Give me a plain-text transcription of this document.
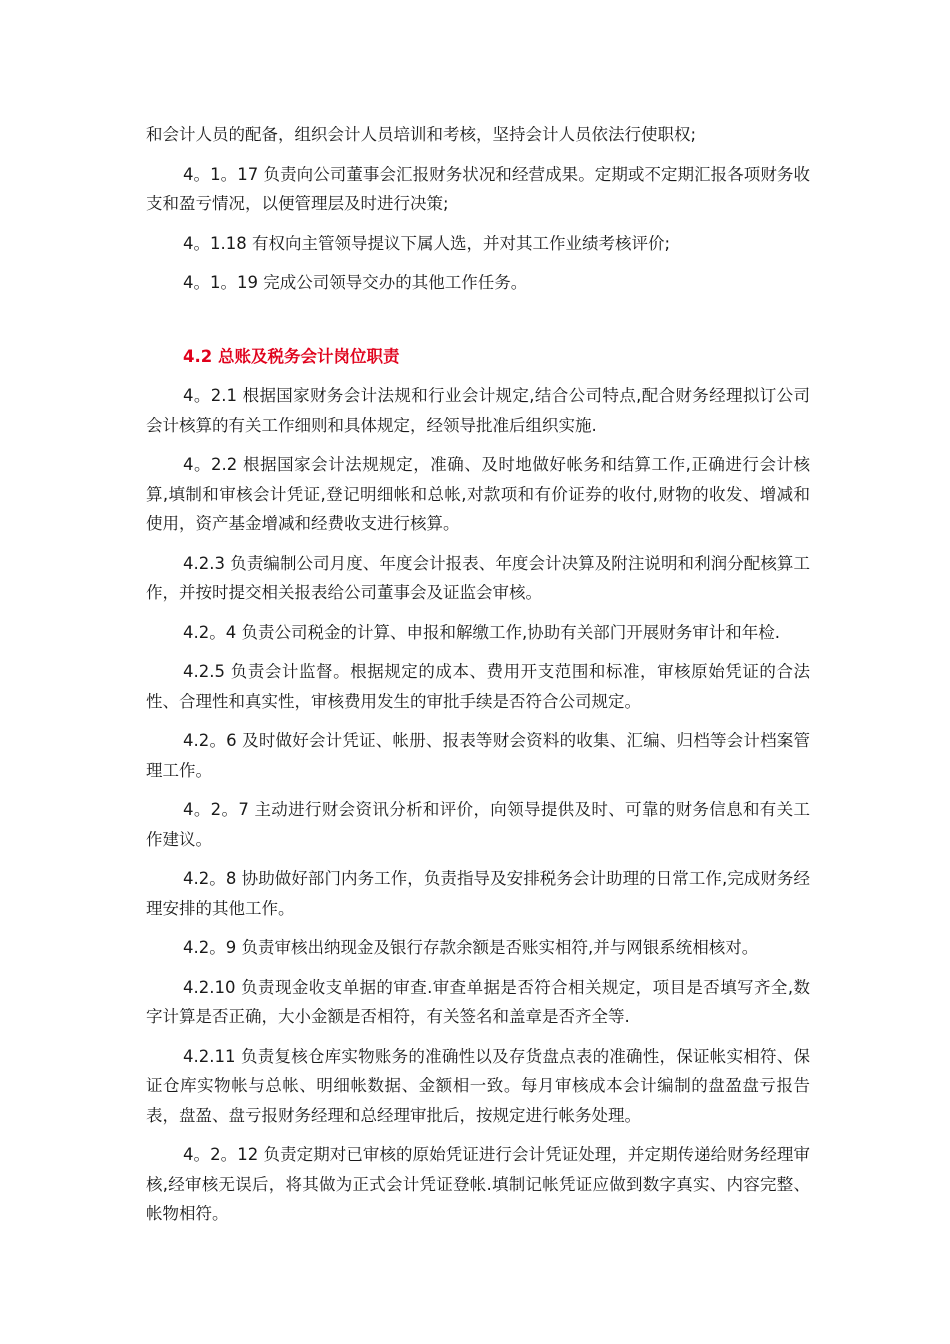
和会计人员的配备，组织会计人员培训和考核，坚持会计人员依法行使职权;

4。1。17 负责向公司董事会汇报财务状况和经营成果。定期或不定期汇报各项财务收支和盈亏情况，以便管理层及时进行决策;

4。1.18 有权向主管领导提议下属人选，并对其工作业绩考核评价;

4。1。19 完成公司领导交办的其他工作任务。

4.2 总账及税务会计岗位职责

4。2.1 根据国家财务会计法规和行业会计规定,结合公司特点,配合财务经理拟订公司会计核算的有关工作细则和具体规定，经领导批准后组织实施.

4。2.2 根据国家会计法规规定，准确、及时地做好帐务和结算工作,正确进行会计核算,填制和审核会计凭证,登记明细帐和总帐,对款项和有价证券的收付,财物的收发、增减和使用，资产基金增减和经费收支进行核算。

4.2.3 负责编制公司月度、年度会计报表、年度会计决算及附注说明和利润分配核算工作，并按时提交相关报表给公司董事会及证监会审核。

4.2。4 负责公司税金的计算、申报和解缴工作,协助有关部门开展财务审计和年检.

4.2.5 负责会计监督。根据规定的成本、费用开支范围和标准，审核原始凭证的合法性、合理性和真实性，审核费用发生的审批手续是否符合公司规定。

4.2。6 及时做好会计凭证、帐册、报表等财会资料的收集、汇编、归档等会计档案管理工作。

4。2。7 主动进行财会资讯分析和评价，向领导提供及时、可靠的财务信息和有关工作建议。

4.2。8 协助做好部门内务工作，负责指导及安排税务会计助理的日常工作,完成财务经理安排的其他工作。

4.2。9 负责审核出纳现金及银行存款余额是否账实相符,并与网银系统相核对。

4.2.10 负责现金收支单据的审查.审查单据是否符合相关规定，项目是否填写齐全,数字计算是否正确，大小金额是否相符，有关签名和盖章是否齐全等.

4.2.11 负责复核仓库实物账务的准确性以及存货盘点表的准确性，保证帐实相符、保证仓库实物帐与总帐、明细帐数据、金额相一致。每月审核成本会计编制的盘盈盘亏报告表，盘盈、盘亏报财务经理和总经理审批后，按规定进行帐务处理。

4。2。12 负责定期对已审核的原始凭证进行会计凭证处理，并定期传递给财务经理审核,经审核无误后，将其做为正式会计凭证登帐.填制记帐凭证应做到数字真实、内容完整、帐物相符。
